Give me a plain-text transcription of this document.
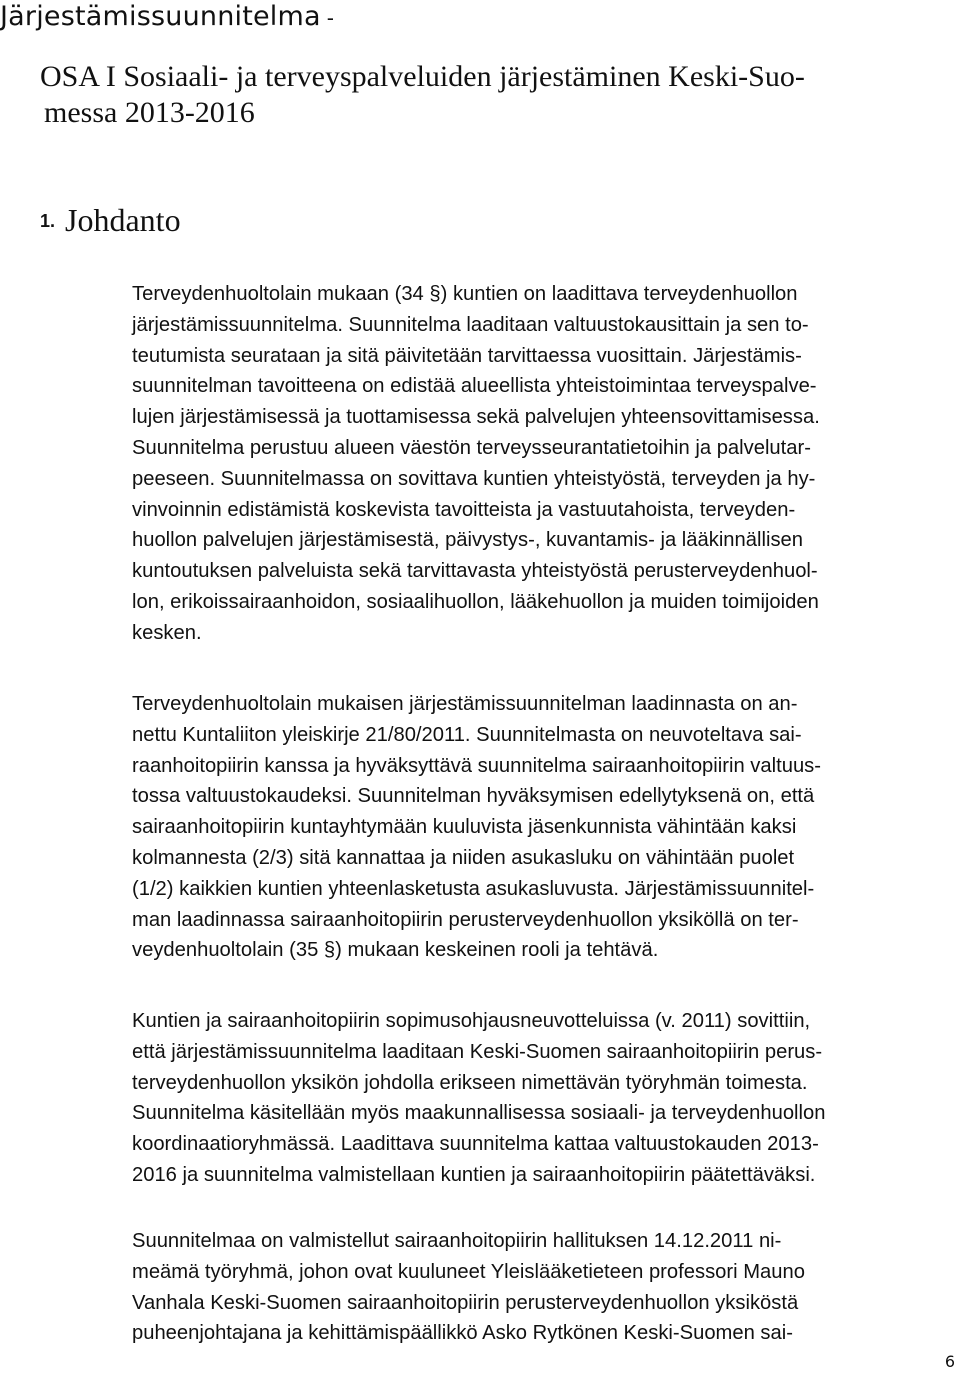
Järjestämissuunnitelma -
OSA I Sosiaali- ja terveyspalveluiden järjestäminen Keski-Suo-
messa 2013-2016
1. Johdanto
Terveydenhuoltolain mukaan (34 §) kuntien on laadittava terveydenhuollon
järjestämissuunnitelma. Suunnitelma laaditaan valtuustokausittain ja sen to-
teutumista seurataan ja sitä päivitetään tarvittaessa vuosittain. Järjestämis-
suunnitelman tavoitteena on edistää alueellista yhteistoimintaa terveyspalve-
lujen järjestämisessä ja tuottamisessa sekä palvelujen yhteensovittamisessa.
Suunnitelma perustuu alueen väestön terveysseurantatietoihin ja palvelutar-
peeseen. Suunnitelmassa on sovittava kuntien yhteistyöstä, terveyden ja hy-
vinvoinnin edistämistä koskevista tavoitteista ja vastuutahoista, terveyden-
huollon palvelujen järjestämisestä, päivystys-, kuvantamis- ja lääkinnällisen
kuntoutuksen palveluista sekä tarvittavasta yhteistyöstä perusterveydenhuol-
lon, erikoissairaanhoidon, sosiaalihuollon, lääkehuollon ja muiden toimijoiden
kesken.
Terveydenhuoltolain mukaisen järjestämissuunnitelman laadinnasta on an-
nettu Kuntaliiton yleiskirje 21/80/2011. Suunnitelmasta on neuvoteltava sai-
raanhoitopiirin kanssa ja hyväksyttävä suunnitelma sairaanhoitopiirin valtuus-
tossa valtuustokaudeksi. Suunnitelman hyväksymisen edellytyksenä on, että
sairaanhoitopiirin kuntayhtymään kuuluvista jäsenkunnista vähintään kaksi
kolmannesta (2/3) sitä kannattaa ja niiden asukasluku on vähintään puolet
(1/2) kaikkien kuntien yhteenlasketusta asukasluvusta. Järjestämissuunnitel-
man laadinnassa sairaanhoitopiirin perusterveydenhuollon yksiköllä on ter-
veydenhuoltolain (35 §) mukaan keskeinen rooli ja tehtävä.
Kuntien ja sairaanhoitopiirin sopimusohjausneuvotteluissa (v. 2011) sovittiin,
että järjestämissuunnitelma laaditaan Keski-Suomen sairaanhoitopiirin perus-
terveydenhuollon yksikön johdolla erikseen nimettävän työryhmän toimesta.
Suunnitelma käsitellään myös maakunnallisessa sosiaali- ja terveydenhuollon
koordinaatioryhmässä. Laadittava suunnitelma kattaa valtuustokauden 2013-
2016 ja suunnitelma valmistellaan kuntien ja sairaanhoitopiirin päätettäväksi.
Suunnitelmaa on valmistellut sairaanhoitopiirin hallituksen 14.12.2011 ni-
meämä työryhmä, johon ovat kuuluneet Yleislääketieteen professori Mauno
Vanhala Keski-Suomen sairaanhoitopiirin perusterveydenhuollon yksiköstä
puheenjohtajana ja kehittämispäällikkö Asko Rytkönen Keski-Suomen sai-
6
